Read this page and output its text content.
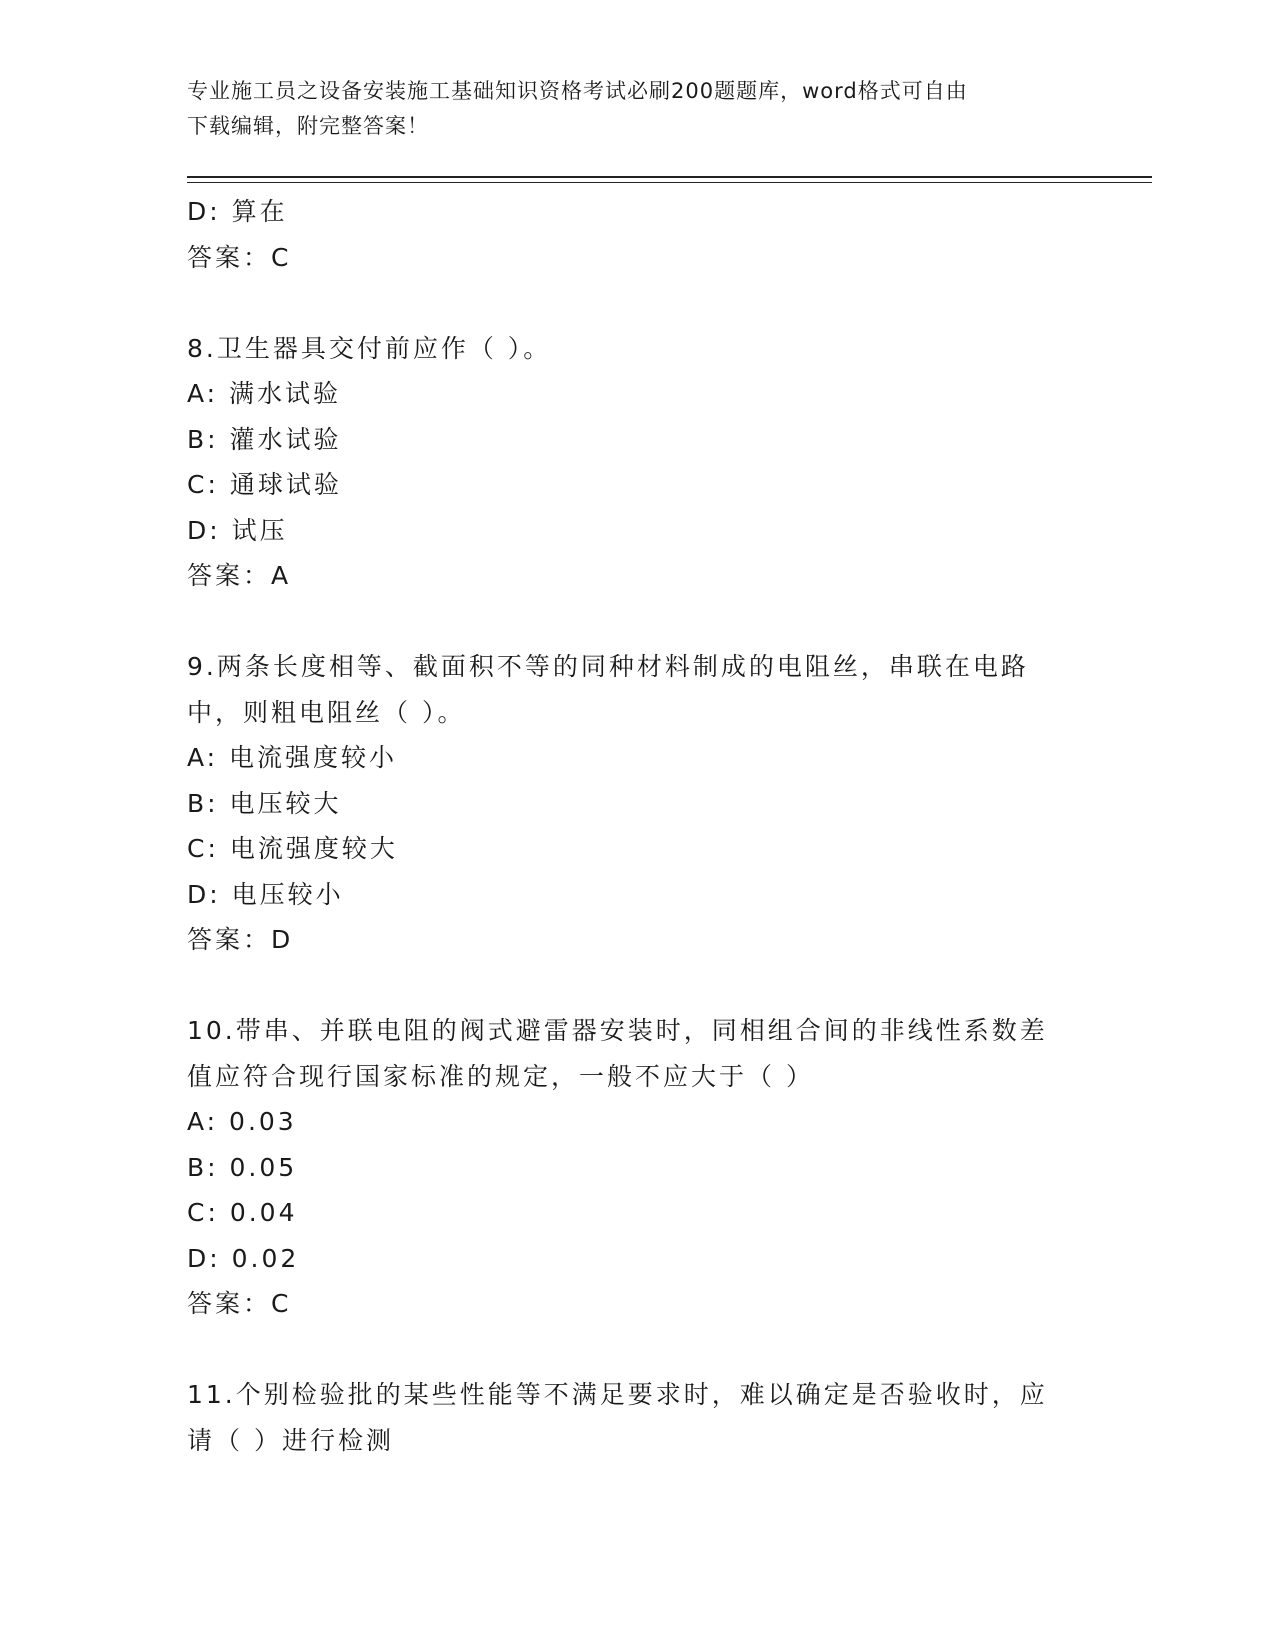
专业施工员之设备安装施工基础知识资格考试必刷200题题库，word格式可自由
下载编辑，附完整答案！
D: 算在
答案：C
8.卫生器具交付前应作（ ）。
A: 满水试验
B: 灌水试验
C: 通球试验
D: 试压
答案：A
9.两条长度相等、截面积不等的同种材料制成的电阻丝，串联在电路
中，则粗电阻丝（ ）。
A: 电流强度较小
B: 电压较大
C: 电流强度较大
D: 电压较小
答案：D
10.带串、并联电阻的阀式避雷器安装时，同相组合间的非线性系数差
值应符合现行国家标准的规定，一般不应大于（ ）
A: 0.03
B: 0.05
C: 0.04
D: 0.02
答案：C
11.个别检验批的某些性能等不满足要求时，难以确定是否验收时，应
请（ ）进行检测
